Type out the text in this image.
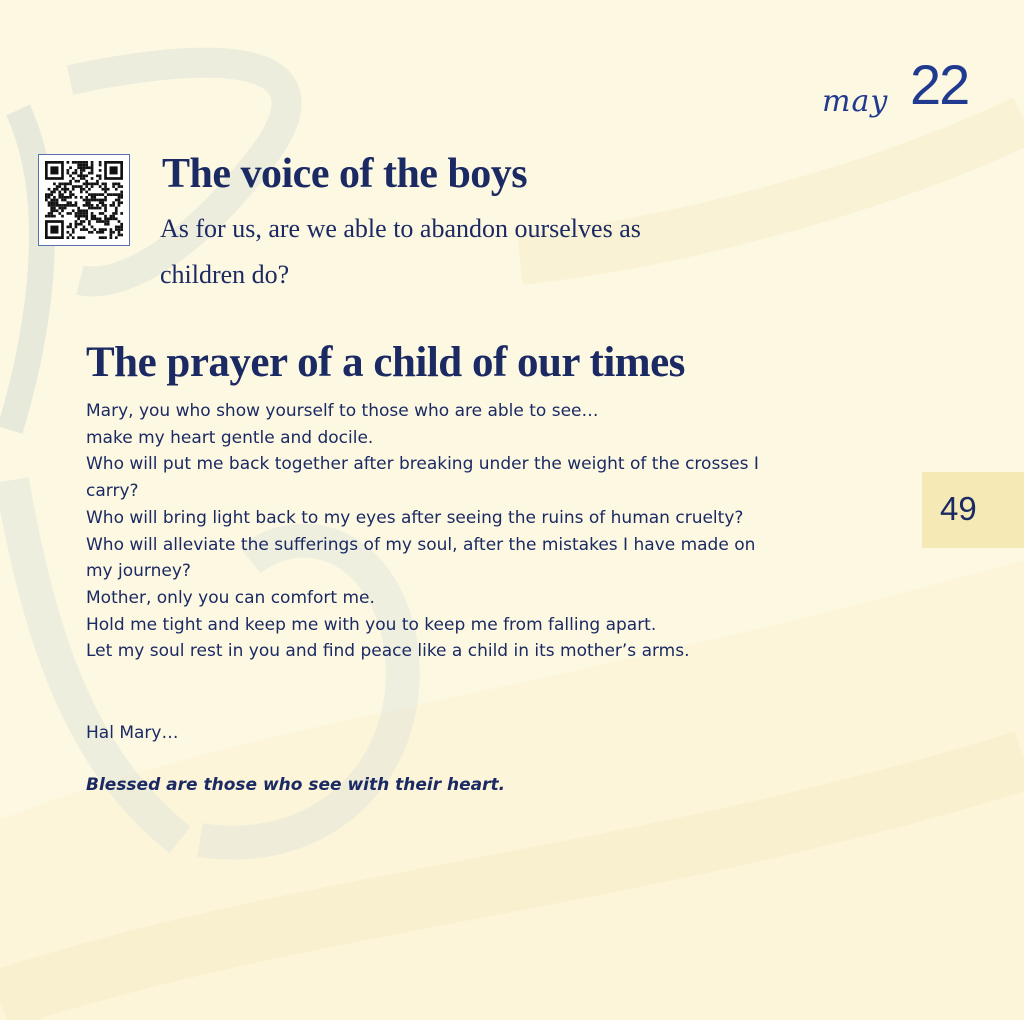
may 22
The voice of the boys

As for us, are we able to abandon ourselves as children do?

The prayer of a child of our times
Mary, you who show yourself to those who are able to see…
make my heart gentle and docile.
Who will put me back together after breaking under the weight of the crosses I carry?
Who will bring light back to my eyes after seeing the ruins of human cruelty?
Who will alleviate the sufferings of my soul, after the mistakes I have made on my journey?
Mother, only you can comfort me.
Hold me tight and keep me with you to keep me from falling apart.
Let my soul rest in you and find peace like a child in its mother’s arms.

Hal Mary…

Blessed are those who see with their heart.

49
